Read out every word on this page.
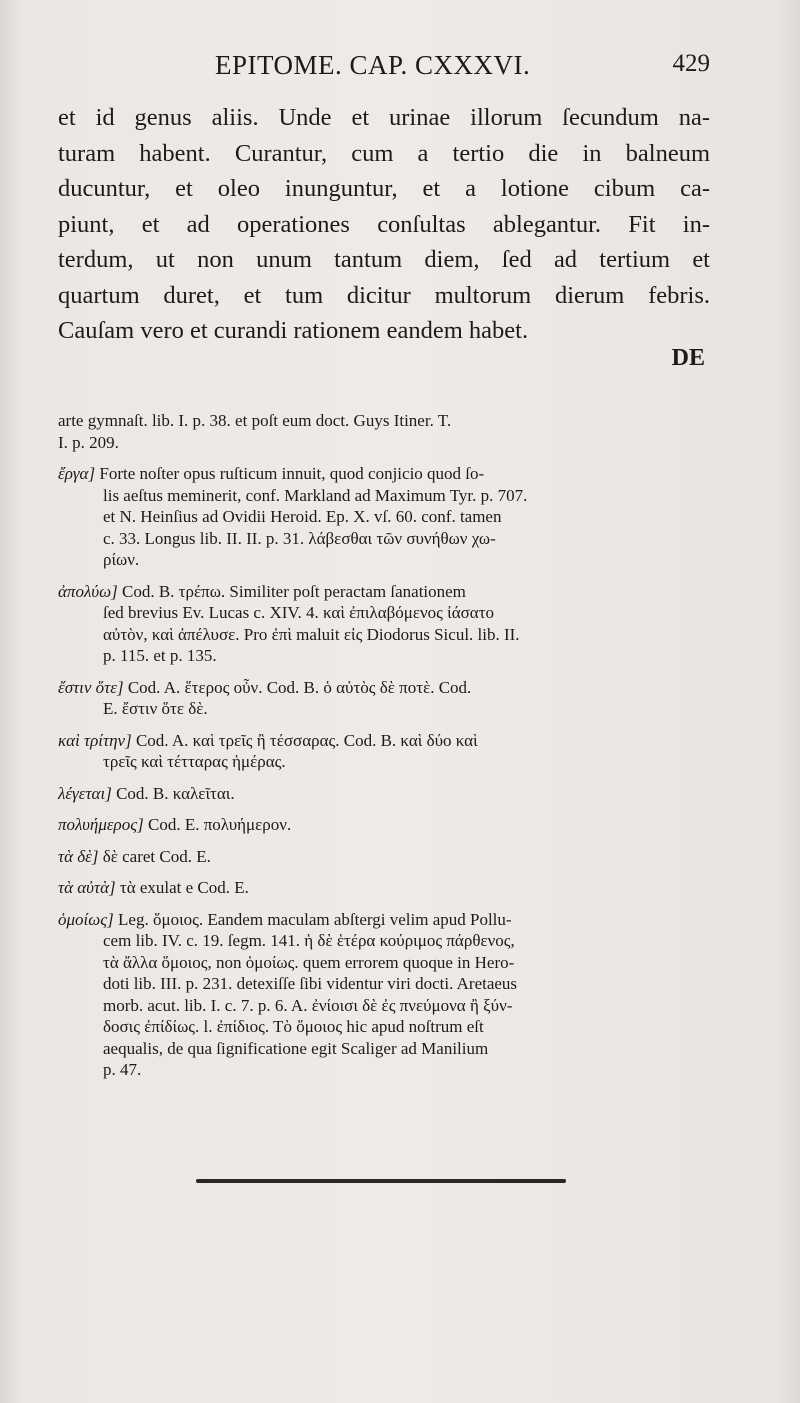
EPITOME. CAP. CXXXVI.	429
et id genus aliis. Unde et urinae illorum ſecundum na-
turam habent. Curantur, cum a tertio die in balneum
ducuntur, et oleo inunguntur, et a lotione cibum ca-
piunt, et ad operationes conſultas ablegantur. Fit in-
terdum, ut non unum tantum diem, ſed ad tertium et
quartum duret, et tum dicitur multorum dierum febris.
Cauſam vero et curandi rationem eandem habet.
DE
arte gymnaſt. lib. I. p. 38. et poſt eum doct. Guys Itiner. T.
I. p. 209.
ἔργα] Forte noſter opus ruſticum innuit, quod conjicio quod ſo-
lis aeſtus meminerit, conf. Markland ad Maximum Tyr. p. 707.
et N. Heinſius ad Ovidii Heroid. Ep. X. vſ. 60. conf. tamen
c. 33. Longus lib. II. II. p. 31. λάβεσθαι τῶν συνήθων χω-
ρίων.
ἀπολύω] Cod. B. τρέπω. Similiter poſt peractam ſanationem
ſed brevius Ev. Lucas c. XIV. 4. καὶ ἐπιλαβόμενος ἰάσατο
αὐτὸν, καὶ ἀπέλυσε. Pro ἐπὶ maluit εἰς Diodorus Sicul. lib. II.
p. 115. et p. 135.
ἔστιν ὅτε] Cod. A. ἕτερος οὖν. Cod. B. ὁ αὐτὸς δὲ ποτὲ. Cod.
E. ἔστιν ὅτε δὲ.
καὶ τρίτην] Cod. A. καὶ τρεῖς ἢ τέσσαρας. Cod. B. καὶ δύο καὶ
τρεῖς καὶ τέτταρας ἡμέρας.
λέγεται] Cod. B. καλεῖται.
πολυήμερος] Cod. E. πολυήμερον.
τὰ δὲ] δὲ caret Cod. E.
τὰ αὐτὰ] τὰ exulat e Cod. E.
ὁμοίως] Leg. ὅμοιος. Eandem maculam abſtergi velim apud Pollu-
cem lib. IV. c. 19. ſegm. 141. ἡ δὲ ἑτέρα κούριμος πάρθενος,
τὰ ἄλλα ὅμοιος, non ὁμοίως. quem errorem quoque in Hero-
doti lib. III. p. 231. detexiſſe ſibi videntur viri docti. Aretaeus
morb. acut. lib. I. c. 7. p. 6. A. ἐνίοισι δὲ ἐς πνεύμονα ἢ ξύν-
δοσις ἐπίδίως. l. ἐπίδιος. Τὸ ὅμοιος hic apud noſtrum eſt
aequalis, de qua ſignificatione egit Scaliger ad Manilium
p. 47.
